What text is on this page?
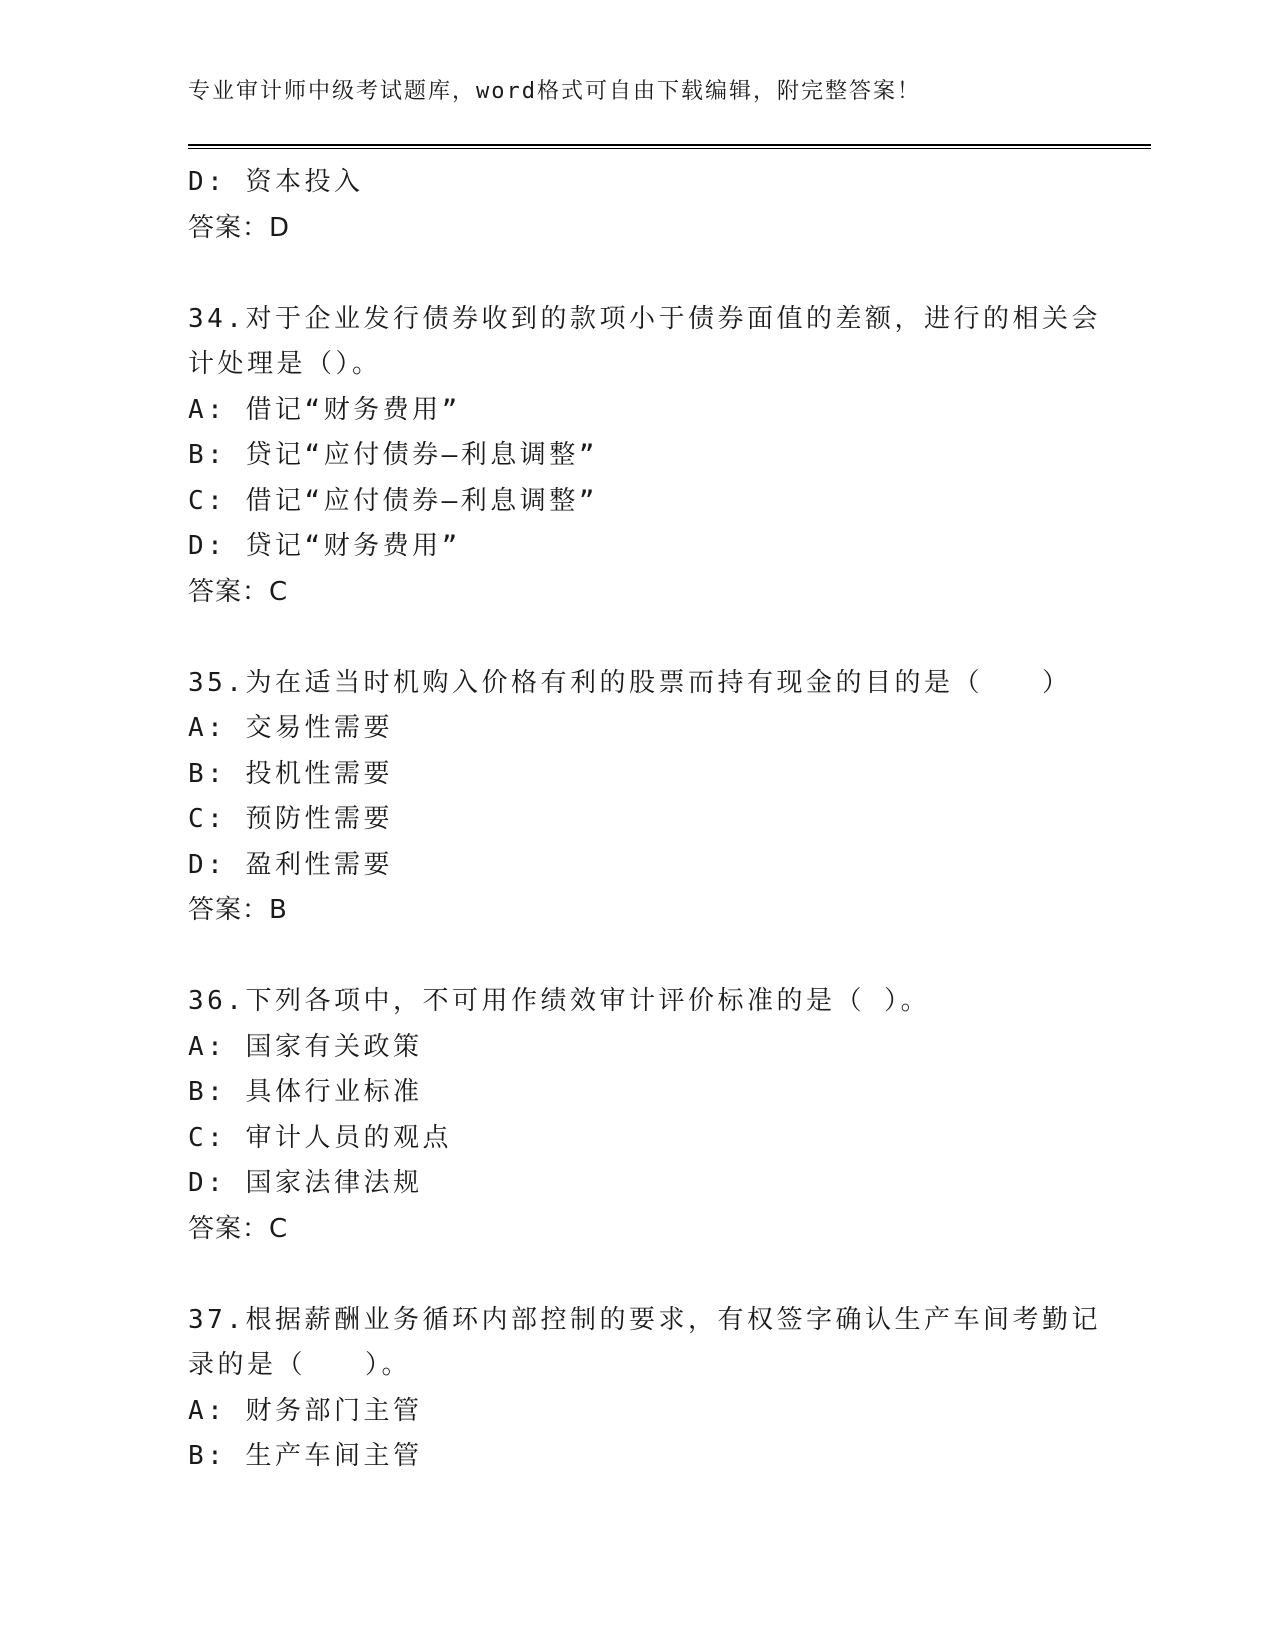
专业审计师中级考试题库，word格式可自由下载编辑，附完整答案！
D: 资本投入
答案：D
34.对于企业发行债券收到的款项小于债券面值的差额，进行的相关会
计处理是（）。
A: 借记“财务费用”
B: 贷记“应付债券—利息调整”
C: 借记“应付债券—利息调整”
D: 贷记“财务费用”
答案：C
35.为在适当时机购入价格有利的股票而持有现金的目的是（　　）
A: 交易性需要
B: 投机性需要
C: 预防性需要
D: 盈利性需要
答案：B
36.下列各项中，不可用作绩效审计评价标准的是（ ）。
A: 国家有关政策
B: 具体行业标准
C: 审计人员的观点
D: 国家法律法规
答案：C
37.根据薪酬业务循环内部控制的要求，有权签字确认生产车间考勤记
录的是（　　）。
A: 财务部门主管
B: 生产车间主管
